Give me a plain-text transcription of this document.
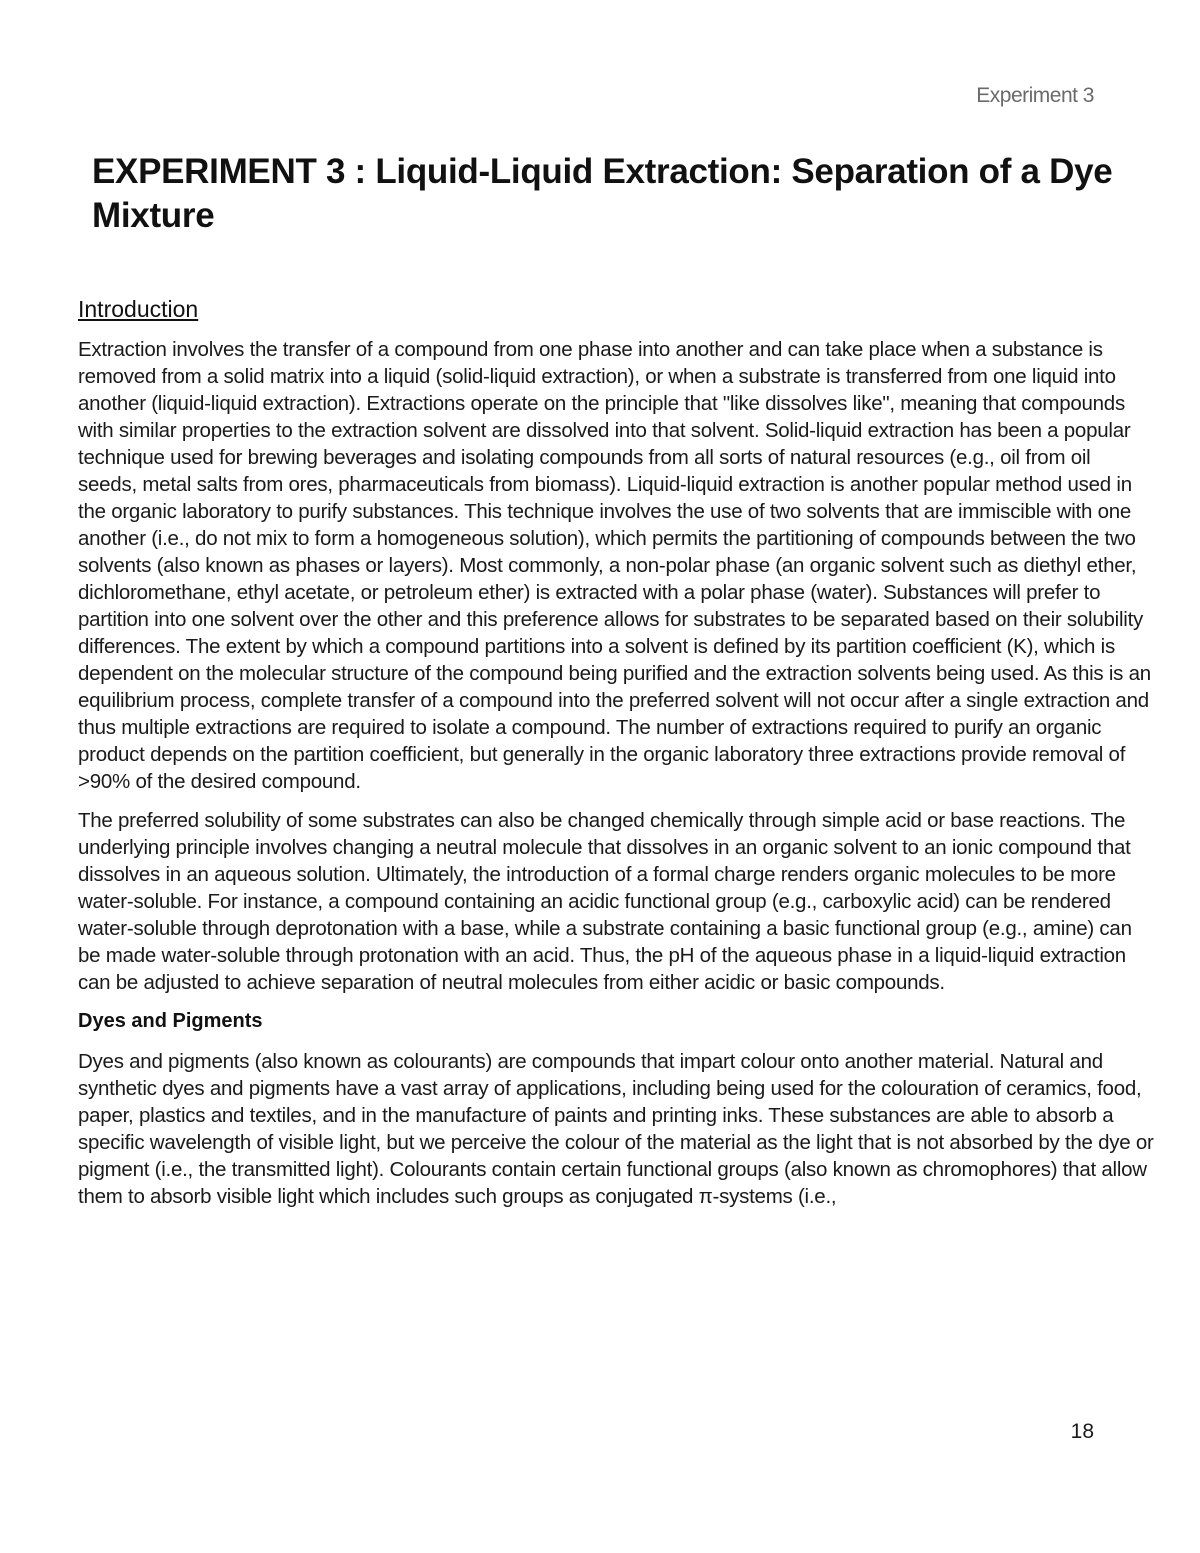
Experiment 3
EXPERIMENT 3 : Liquid-Liquid Extraction: Separation of a Dye Mixture
Introduction

Extraction involves the transfer of a compound from one phase into another and can take place when a substance is removed from a solid matrix into a liquid (solid-liquid extraction), or when a substrate is transferred from one liquid into another (liquid-liquid extraction). Extractions operate on the principle that "like dissolves like", meaning that compounds with similar properties to the extraction solvent are dissolved into that solvent. Solid-liquid extraction has been a popular technique used for brewing beverages and isolating compounds from all sorts of natural resources (e.g., oil from oil seeds, metal salts from ores, pharmaceuticals from biomass). Liquid-liquid extraction is another popular method used in the organic laboratory to purify substances. This technique involves the use of two solvents that are immiscible with one another (i.e., do not mix to form a homogeneous solution), which permits the partitioning of compounds between the two solvents (also known as phases or layers). Most commonly, a non-polar phase (an organic solvent such as diethyl ether, dichloromethane, ethyl acetate, or petroleum ether) is extracted with a polar phase (water). Substances will prefer to partition into one solvent over the other and this preference allows for substrates to be separated based on their solubility differences. The extent by which a compound partitions into a solvent is defined by its partition coefficient (K), which is dependent on the molecular structure of the compound being purified and the extraction solvents being used. As this is an equilibrium process, complete transfer of a compound into the preferred solvent will not occur after a single extraction and thus multiple extractions are required to isolate a compound. The number of extractions required to purify an organic product depends on the partition coefficient, but generally in the organic laboratory three extractions provide removal of >90% of the desired compound.

The preferred solubility of some substrates can also be changed chemically through simple acid or base reactions. The underlying principle involves changing a neutral molecule that dissolves in an organic solvent to an ionic compound that dissolves in an aqueous solution. Ultimately, the introduction of a formal charge renders organic molecules to be more water-soluble. For instance, a compound containing an acidic functional group (e.g., carboxylic acid) can be rendered water-soluble through deprotonation with a base, while a substrate containing a basic functional group (e.g., amine) can be made water-soluble through protonation with an acid. Thus, the pH of the aqueous phase in a liquid-liquid extraction can be adjusted to achieve separation of neutral molecules from either acidic or basic compounds.

Dyes and Pigments

Dyes and pigments (also known as colourants) are compounds that impart colour onto another material. Natural and synthetic dyes and pigments have a vast array of applications, including being used for the colouration of ceramics, food, paper, plastics and textiles, and in the manufacture of paints and printing inks. These substances are able to absorb a specific wavelength of visible light, but we perceive the colour of the material as the light that is not absorbed by the dye or pigment (i.e., the transmitted light). Colourants contain certain functional groups (also known as chromophores) that allow them to absorb visible light which includes such groups as conjugated π-systems (i.e.,

18
